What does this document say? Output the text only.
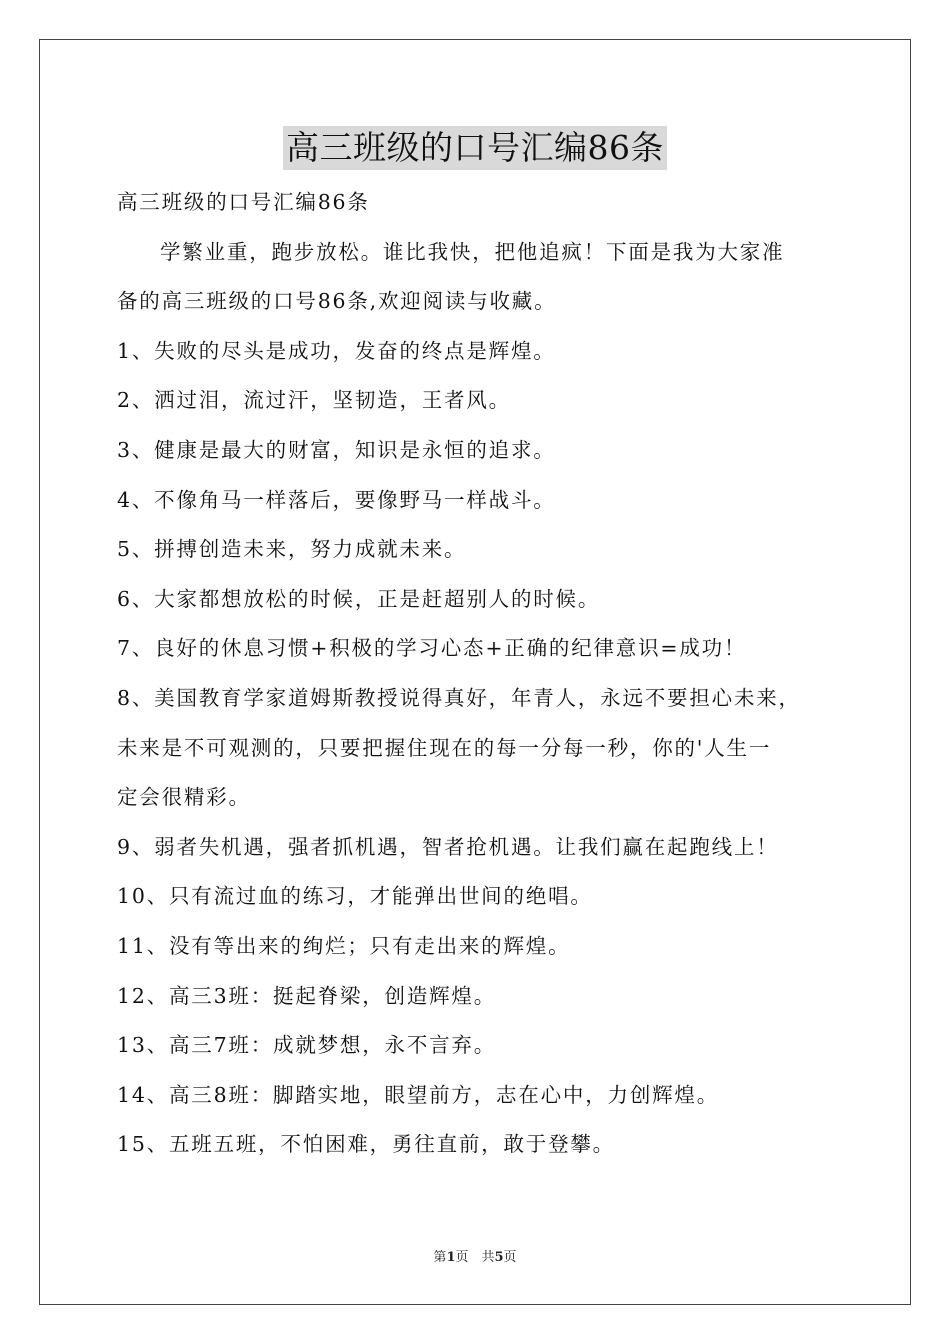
高三班级的口号汇编86条
高三班级的口号汇编86条
学繁业重，跑步放松。谁比我快，把他追疯！下面是我为大家准
备的高三班级的口号86条,欢迎阅读与收藏。
1、失败的尽头是成功，发奋的终点是辉煌。
2、洒过泪，流过汗，坚韧造，王者风。
3、健康是最大的财富，知识是永恒的追求。
4、不像角马一样落后，要像野马一样战斗。
5、拼搏创造未来，努力成就未来。
6、大家都想放松的时候，正是赶超别人的时候。
7、良好的休息习惯+积极的学习心态+正确的纪律意识=成功！
8、美国教育学家道姆斯教授说得真好，年青人，永远不要担心未来，
未来是不可观测的，只要把握住现在的每一分每一秒，你的'人生一
定会很精彩。
9、弱者失机遇，强者抓机遇，智者抢机遇。让我们赢在起跑线上！
10、只有流过血的练习，才能弹出世间的绝唱。
11、没有等出来的绚烂；只有走出来的辉煌。
12、高三3班：挺起脊梁，创造辉煌。
13、高三7班：成就梦想，永不言弃。
14、高三8班：脚踏实地，眼望前方，志在心中，力创辉煌。
15、五班五班，不怕困难，勇往直前，敢于登攀。
第1页　共5页
